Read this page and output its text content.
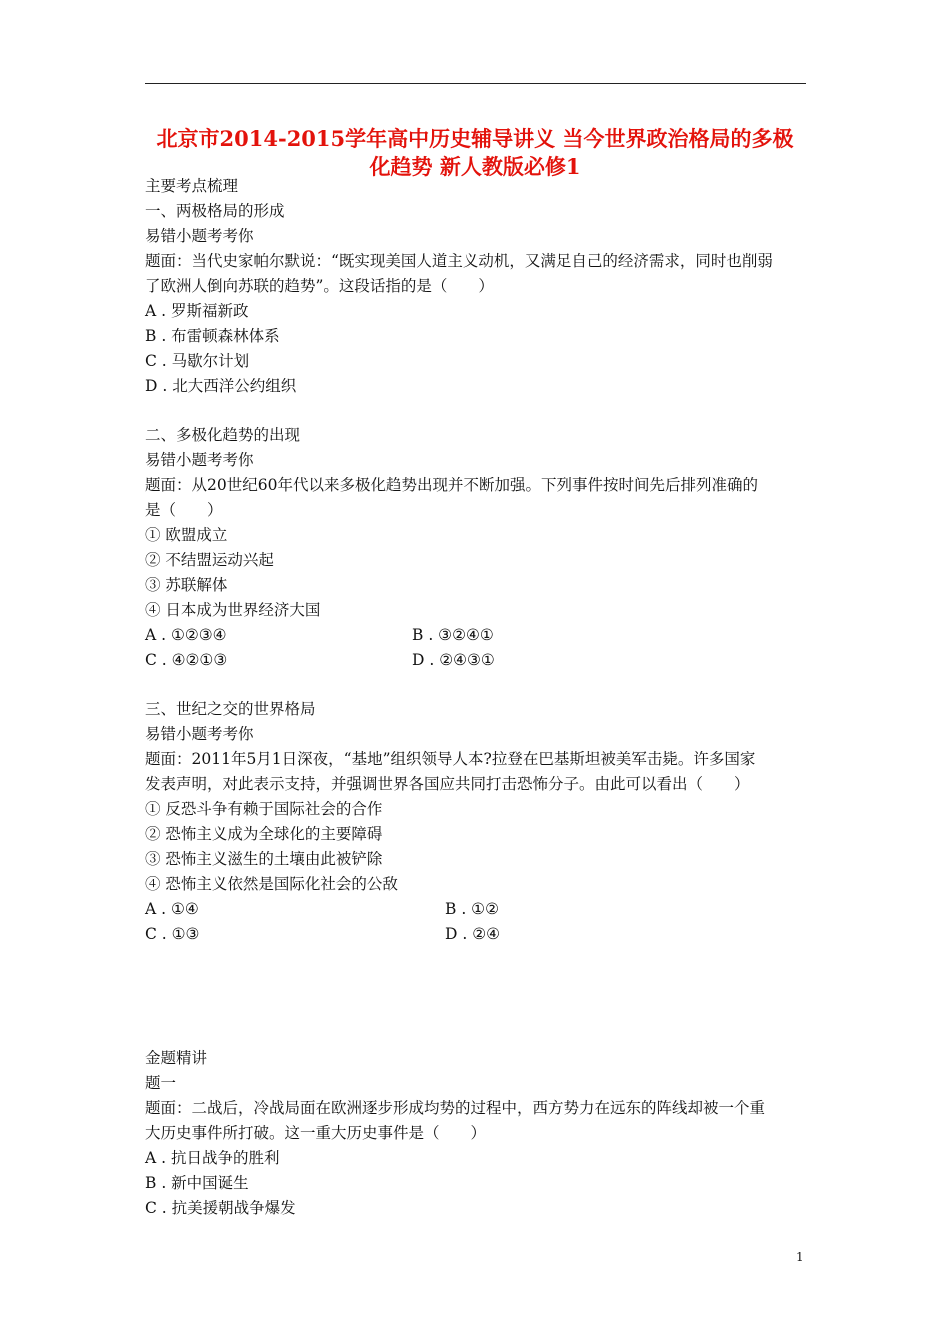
北京市2014-2015学年高中历史辅导讲义 当今世界政治格局的多极
化趋势 新人教版必修1
主要考点梳理
一、两极格局的形成
易错小题考考你
题面：当代史家帕尔默说：“既实现美国人道主义动机，又满足自己的经济需求，同时也削弱
了欧洲人倒向苏联的趋势”。这段话指的是（　　）
A . 罗斯福新政
B . 布雷顿森林体系
C . 马歇尔计划
D . 北大西洋公约组织
二、多极化趋势的出现
易错小题考考你
题面：从20世纪60年代以来多极化趋势出现并不断加强。下列事件按时间先后排列准确的
是（　　）
① 欧盟成立
② 不结盟运动兴起
③ 苏联解体
④ 日本成为世界经济大国
A . ①②③④	B . ③②④①
C . ④②①③	D . ②④③①
三、世纪之交的世界格局
易错小题考考你
题面：2011年5月1日深夜，“基地”组织领导人本?拉登在巴基斯坦被美军击毙。许多国家
发表声明，对此表示支持，并强调世界各国应共同打击恐怖分子。由此可以看出（　　）
① 反恐斗争有赖于国际社会的合作
② 恐怖主义成为全球化的主要障碍
③ 恐怖主义滋生的土壤由此被铲除
④ 恐怖主义依然是国际化社会的公敌
A . ①④	B . ①②
C . ①③	D . ②④
金题精讲
题一
题面：二战后，冷战局面在欧洲逐步形成均势的过程中，西方势力在远东的阵线却被一个重
大历史事件所打破。这一重大历史事件是（　　）
A . 抗日战争的胜利
B . 新中国诞生
C . 抗美援朝战争爆发
1
